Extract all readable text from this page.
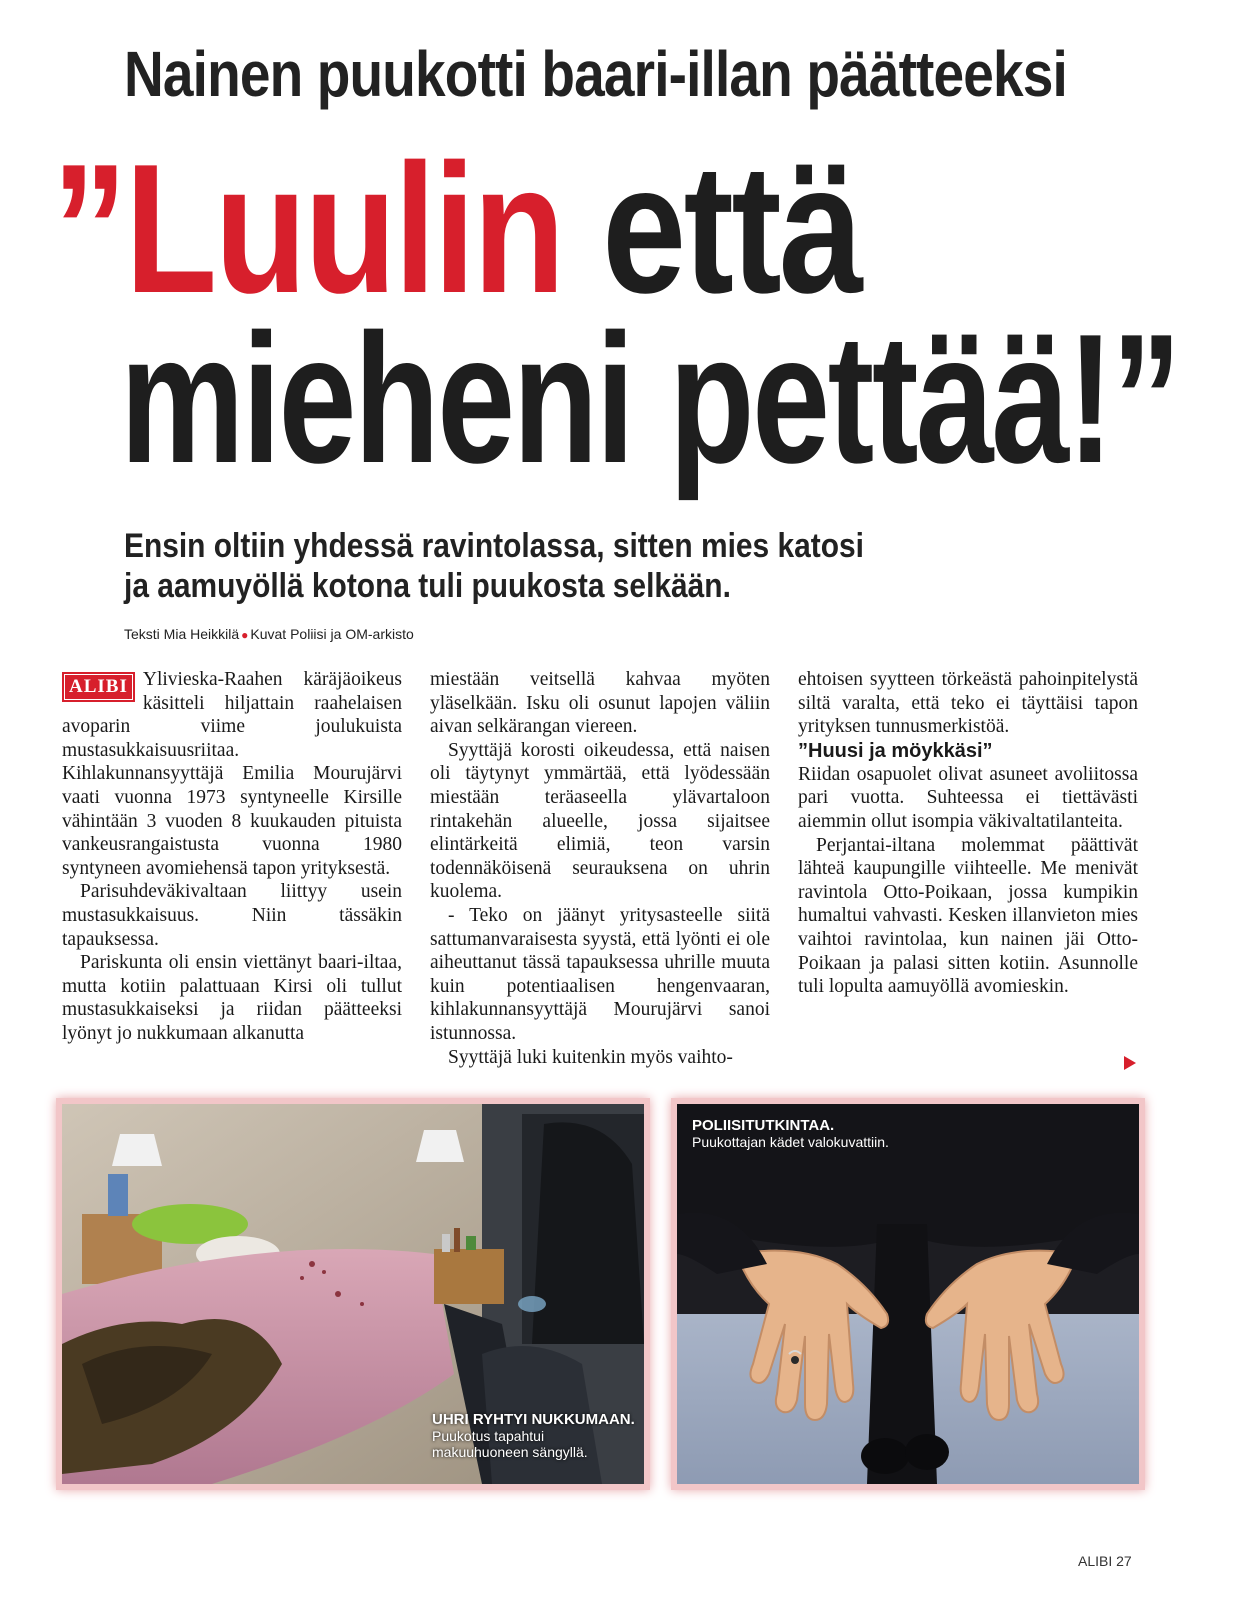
Nainen puukotti baari-illan päätteeksi
”Luulin että
mieheni pettää!”
Ensin oltiin yhdessä ravintolassa, sitten mies katosi
ja aamuyöllä kotona tuli puukosta selkään.
Teksti Mia Heikkilä ● Kuvat Poliisi ja OM-arkisto
ALIBI Ylivieska-Raahen käräjäoikeus käsitteli hiljattain raahelaisen avoparin viime joulukuista mustasukkaisuusriitaa. Kihlakunnansyyttäjä Emilia Mourujärvi vaati vuonna 1973 syntyneelle Kirsille vähintään 3 vuoden 8 kuukauden pituista vankeusrangaistusta vuonna 1980 syntyneen avomiehensä tapon yrityksestä.

Parisuhdeväkivaltaan liittyy usein mustasukkaisuus. Niin tässäkin tapauksessa.

Pariskunta oli ensin viettänyt baari-iltaa, mutta kotiin palattuaan Kirsi oli tullut mustasukkaiseksi ja riidan päätteeksi lyönyt jo nukkumaan alkanutta

miestään veitsellä kahvaa myöten yläselkään. Isku oli osunut lapojen väliin aivan selkärangan viereen.

Syyttäjä korosti oikeudessa, että naisen oli täytynyt ymmärtää, että lyödessään miestään teräaseella ylävartaloon rintakehän alueelle, jossa sijaitsee elintärkeitä elimiä, teon varsin todennäköisenä seurauksena on uhrin kuolema.

- Teko on jäänyt yritysasteelle siitä sattumanvaraisesta syystä, että lyönti ei ole aiheuttanut tässä tapauksessa uhrille muuta kuin potentiaalisen hengenvaaran, kihlakunnansyyttäjä Mourujärvi sanoi istunnossa.

Syyttäjä luki kuitenkin myös vaihto-

ehtoisen syytteen törkeästä pahoinpitelystä siltä varalta, että teko ei täyttäisi tapon yrityksen tunnusmerkistöä.

”Huusi ja möykkäsi”

Riidan osapuolet olivat asuneet avoliitossa pari vuotta. Suhteessa ei tiettävästi aiemmin ollut isompia väkivaltatilanteita.

Perjantai-iltana molemmat päättivät lähteä kaupungille viihteelle. Me menivät ravintola Otto-Poikaan, jossa kumpikin humaltui vahvasti. Kesken illanvieton mies vaihtoi ravintolaa, kun nainen jäi Otto-Poikaan ja palasi sitten kotiin. Asunnolle tuli lopulta aamuyöllä avomieskin.

UHRI RYHTYI NUKKUMAAN.
Puukotus tapahtui makuuhuoneen sängyllä.
POLIISITUTKINTAA.
Puukottajan kädet valokuvattiin.
ALIBI 27
